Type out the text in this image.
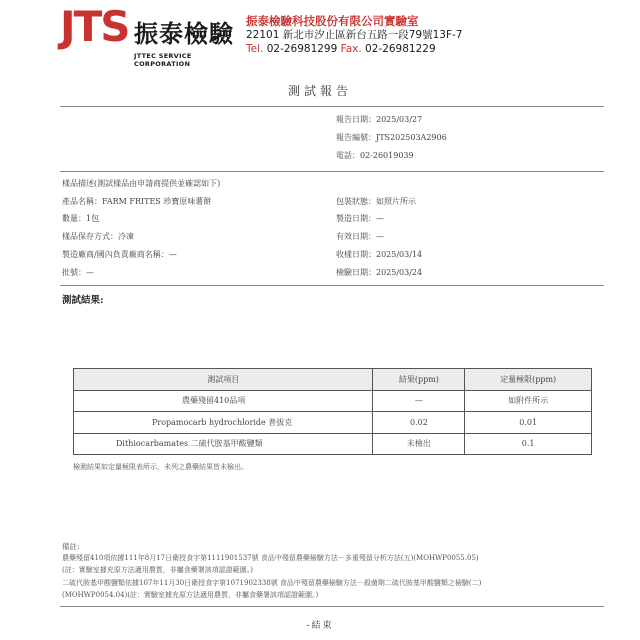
JTS 振泰檢驗
JTTEC SERVICE CORPORATION
振泰檢驗科技股份有限公司實驗室
22101 新北市汐止區新台五路一段79號13F-7
Tel. 02-26981299 Fax. 02-26981229
測試報告
報告日期：2025/03/27
報告編號：JTS202503A2906
電話：02-26019039
樣品描述(測試樣品由申請商提供並確認如下)
產品名稱：FARM FRITES 珍寶原味薯餅
數量：1包
樣品保存方式：冷凍
製造廠商/國內負責廠商名稱：—
批號：—
包裝狀態：如照片所示
製造日期：—
有效日期：—
收樣日期：2025/03/14
檢驗日期：2025/03/24
測試結果:
測試項目	結果(ppm)	定量極限(ppm)
農藥殘留410品項	—	如附件所示
Propamocarb hydrochloride 普拔克	0.02	0.01
Dithiocarbamates 二硫代胺基甲酸鹽類	未檢出	0.1
檢測結果如定量極限表所示，未列之農藥結果皆未檢出。
備註:
農藥殘留410項依據111年8月17日衛授食字第1111901537號 食品中殘留農藥檢驗方法－多重殘留分析方法(五)(MOHWP0055.05)
(註：實驗室據充原方法適用農質，非屬食藥署該項認證範圍。)
二硫代胺基甲酸鹽類依據107年11月30日衛授食字第1071902338號 食品中殘留農藥檢驗方法－殺菌劑二硫代胺基甲酸鹽類之檢驗(二)
(MOHWP0054.04)(註：實驗室據充原方法適用農質，非屬食藥署該項認證範圍。)
-結束
